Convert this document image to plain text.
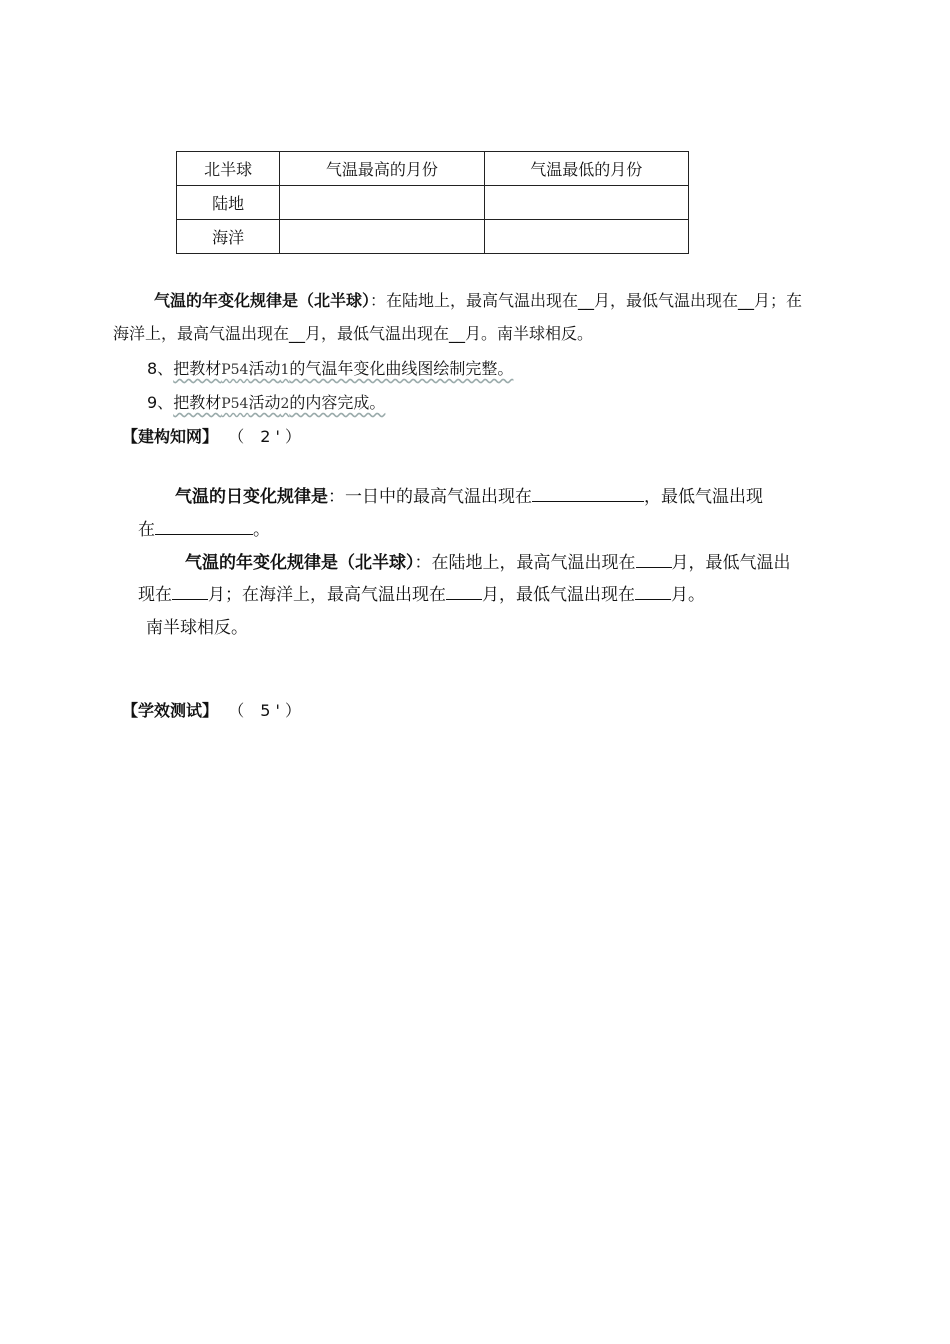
北半球	气温最高的月份	气温最低的月份
陆地		
海洋		
气温的年变化规律是（北半球）：在陆地上，最高气温出现在__月，最低气温出现在__月；在
海洋上，最高气温出现在__月，最低气温出现在__月。南半球相反。
8、把教材P54活动1的气温年变化曲线图绘制完整。
9、把教材P54活动2的内容完成。
【建构知网】 （　2 ' ）
气温的日变化规律是：一日中的最高气温出现在	，最低气温出现
在	。
气温的年变化规律是（北半球）：在陆地上，最高气温出现在 月，最低气温出
现在 月；在海洋上，最高气温出现在 月，最低气温出现在 月。
南半球相反。
【学效测试】 （　5 ' ）
